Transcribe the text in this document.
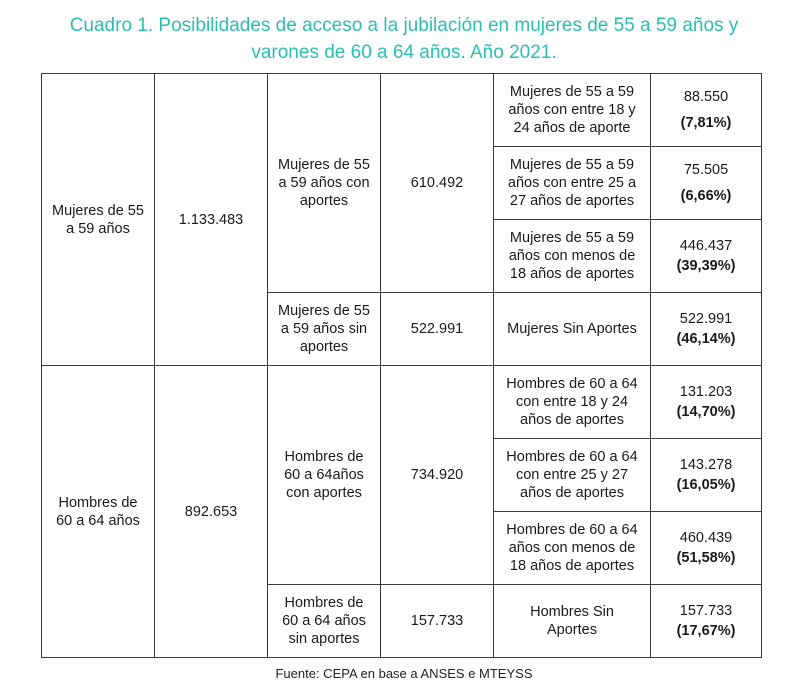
Cuadro 1. Posibilidades de acceso a la jubilación en mujeres de 55 a 59 años y
varones de 60 a 64 años. Año 2021.
Mujeres de 55 a 59 años	1.133.483	Mujeres de 55 a 59 años con aportes	610.492	Mujeres de 55 a 59 años con entre 18 y 24 años de aporte	88.550
(7,81%)

				Mujeres de 55 a 59 años con entre 25 a 27 años de aportes	75.505
(6,66%)

				Mujeres de 55 a 59 años con menos de 18 años de aportes	446.437
(39,39%)

		Mujeres de 55 a 59 años sin aportes	522.991	Mujeres Sin Aportes	522.991
(46,14%)

Hombres de 60 a 64 años	892.653	Hombres de 60 a 64años con aportes	734.920	Hombres de 60 a 64 con entre 18 y 24 años de aportes	131.203
(14,70%)

				Hombres de 60 a 64 con entre 25 y 27 años de aportes	143.278
(16,05%)

				Hombres de 60 a 64 años con menos de 18 años de aportes	460.439
(51,58%)

		Hombres de 60 a 64 años sin aportes	157.733	Hombres Sin Aportes	157.733
(17,67%)
Fuente: CEPA en base a ANSES e MTEYSS
